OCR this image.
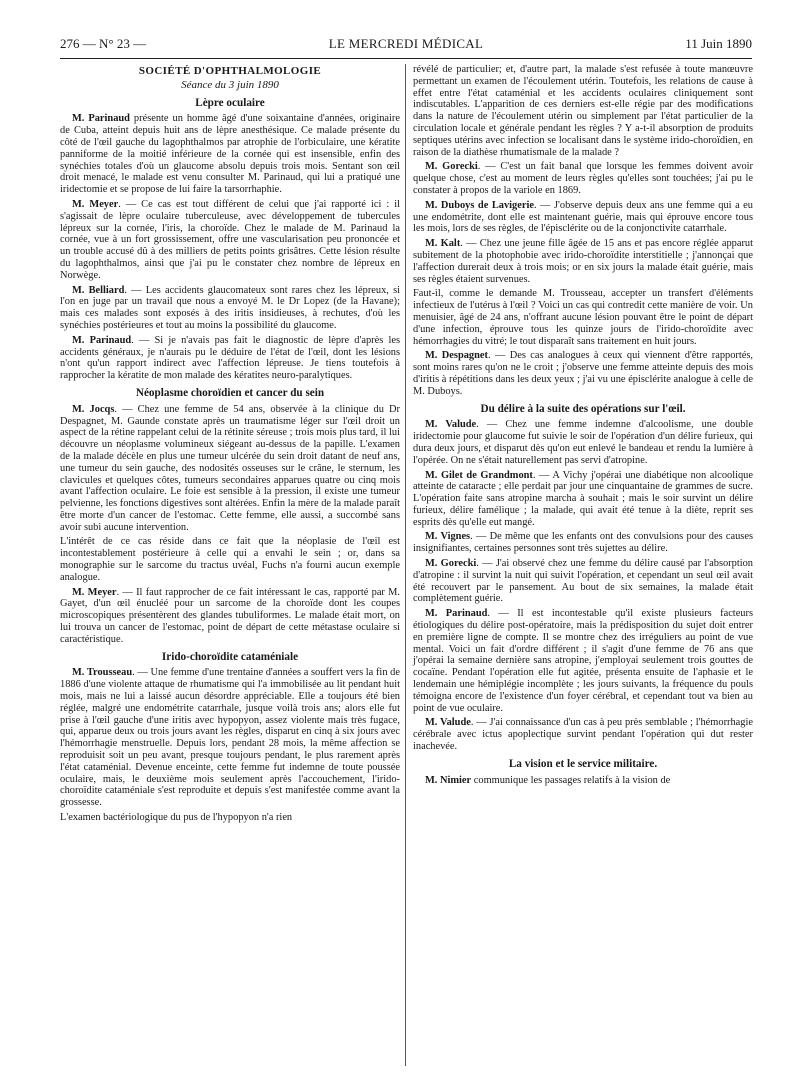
276 — N° 23 —	LE MERCREDI MÉDICAL	11 Juin 1890
SOCIÉTÉ D'OPHTHALMOLOGIE
Séance du 3 juin 1890
Lèpre oculaire

M. Parinaud présente un homme âgé d'une soixantaine d'années, originaire de Cuba, atteint depuis huit ans de lèpre anesthésique. Ce malade présente du côté de l'œil gauche du lagophthalmos par atrophie de l'orbiculaire, une kératite panniforme de la moitié inférieure de la cornée qui est insensible, enfin des synéchies totales d'où un glaucome absolu depuis trois mois. Sentant son œil droit menacé, le malade est venu consulter M. Parinaud, qui lui a pratiqué une iridectomie et se propose de lui faire la tarsorrhaphie.

M. Meyer. — Ce cas est tout différent de celui que j'ai rapporté ici : il s'agissait de lèpre oculaire tuberculeuse, avec développement de tubercules lépreux sur la cornée, l'iris, la choroïde. Chez le malade de M. Parinaud la cornée, vue à un fort grossissement, offre une vascularisation peu prononcée et un trouble accusé dû à des milliers de petits points grisâtres. Cette lésion résulte du lagophthalmos, ainsi que j'ai pu le constater chez nombre de lépreux en Norwège.

M. Belliard. — Les accidents glaucomateux sont rares chez les lépreux, si l'on en juge par un travail que nous a envoyé M. le Dr Lopez (de la Havane); mais ces malades sont exposés à des iritis insidieuses, à rechutes, d'où les synéchies postérieures et tout au moins la possibilité du glaucome.

M. Parinaud. — Si je n'avais pas fait le diagnostic de lèpre d'après les accidents généraux, je n'aurais pu le déduire de l'état de l'œil, dont les lésions n'ont qu'un rapport indirect avec l'affection lépreuse. Je tiens toutefois à rapprocher la kératite de mon malade des kératites neuro-paralytiques.

Néoplasme choroïdien et cancer du sein

M. Jocqs. — Chez une femme de 54 ans, observée à la clinique du Dr Despagnet, M. Gaunde constate après un traumatisme léger sur l'œil droit un aspect de la rétine rappelant celui de la rétinite séreuse ; trois mois plus tard, il lui découvre un néoplasme volumineux siégeant au-dessus de la papille. L'examen de la malade décèle en plus une tumeur ulcérée du sein droit datant de neuf ans, une tumeur du sein gauche, des nodosités osseuses sur le crâne, le sternum, les clavicules et quelques côtes, tumeurs secondaires apparues quatre ou cinq mois avant l'affection oculaire. Le foie est sensible à la pression, il existe une tumeur pelvienne, les fonctions digestives sont altérées. Enfin la mère de la malade paraît être morte d'un cancer de l'estomac. Cette femme, elle aussi, a succombé sans avoir subi aucune intervention.

L'intérêt de ce cas réside dans ce fait que la néoplasie de l'œil est incontestablement postérieure à celle qui a envahi le sein ; or, dans sa monographie sur le sarcome du tractus uvéal, Fuchs n'a fourni aucun exemple analogue.

M. Meyer. — Il faut rapprocher de ce fait intéressant le cas, rapporté par M. Gayet, d'un œil énucléé pour un sarcome de la choroïde dont les coupes microscopiques présentèrent des glandes tubuliformes. Le malade était mort, on lui trouva un cancer de l'estomac, point de départ de cette métastase oculaire si caractéristique.

Irido-choroïdite cataméniale

M. Trousseau. — Une femme d'une trentaine d'années a souffert vers la fin de 1886 d'une violente attaque de rhumatisme qui l'a immobilisée au lit pendant huit mois, mais ne lui a laissé aucun désordre appréciable. Elle a toujours été bien réglée, malgré une endométrite catarrhale, jusque voilà trois ans; alors elle fut prise à l'œil gauche d'une iritis avec hypopyon, assez violente mais très fugace, qui, apparue deux ou trois jours avant les règles, disparut en cinq à six jours avec l'hémorrhagie menstruelle. Depuis lors, pendant 28 mois, la même affection se reproduisit soit un peu avant, presque toujours pendant, le plus rarement après l'état cataménial. Devenue enceinte, cette femme fut indemne de toute poussée oculaire, mais, le deuxième mois seulement après l'accouchement, l'irido-choroïdite cataméniale s'est reproduite et depuis s'est manifestée comme avant la grossesse.

L'examen bactériologique du pus de l'hypopyon n'a rien

révélé de particulier; et, d'autre part, la malade s'est refusée à toute manœuvre permettant un examen de l'écoulement utérin. Toutefois, les relations de cause à effet entre l'état cataménial et les accidents oculaires cliniquement sont indiscutables. L'apparition de ces derniers est-elle régie par des modifications dans la nature de l'écoulement utérin ou simplement par l'état particulier de la circulation locale et générale pendant les règles ? Y a-t-il absorption de produits septiques utérins avec infection se localisant dans le système irido-choroïdien, en raison de la diathèse rhumatismale de la malade ?

M. Gorecki. — C'est un fait banal que lorsque les femmes doivent avoir quelque chose, c'est au moment de leurs règles qu'elles sont touchées; j'ai pu le constater à propos de la variole en 1869.

M. Duboys de Lavigerie. — J'observe depuis deux ans une femme qui a eu une endométrite, dont elle est maintenant guérie, mais qui éprouve encore tous les mois, lors de ses règles, de l'épisclérite ou de la conjonctivite catarrhale.

M. Kalt. — Chez une jeune fille âgée de 15 ans et pas encore réglée apparut subitement de la photophobie avec irido-choroïdite interstitielle ; j'annonçai que l'affection durerait deux à trois mois; or en six jours la malade était guérie, mais ses règles étaient survenues.

Faut-il, comme le demande M. Trousseau, accepter un transfert d'éléments infectieux de l'utérus à l'œil ? Voici un cas qui contredit cette manière de voir. Un menuisier, âgé de 24 ans, n'offrant aucune lésion pouvant être le point de départ d'une infection, éprouve tous les quinze jours de l'irido-choroïdite avec hémorrhagies du vitré; le tout disparaît sans traitement en huit jours.

M. Despagnet. — Des cas analogues à ceux qui viennent d'être rapportés, sont moins rares qu'on ne le croit ; j'observe une femme atteinte depuis des mois d'iritis à répétitions dans les deux yeux ; j'ai vu une épisclérite analogue à celle de M. Duboys.

Du délire à la suite des opérations sur l'œil.

M. Valude. — Chez une femme indemne d'alcoolisme, une double iridectomie pour glaucome fut suivie le soir de l'opération d'un délire furieux, qui dura deux jours, et disparut dès qu'on eut enlevé le bandeau et rendu la lumière à l'opérée. On ne s'était naturellement pas servi d'atropine.

M. Gilet de Grandmont. — A Vichy j'opérai une diabétique non alcoolique atteinte de cataracte ; elle perdait par jour une cinquantaine de grammes de sucre. L'opération faite sans atropine marcha à souhait ; mais le soir survint un délire furieux, délire famélique ; la malade, qui avait été tenue à la diète, reprit ses esprits dès qu'elle eut mangé.

M. Vignes. — De même que les enfants ont des convulsions pour des causes insignifiantes, certaines personnes sont très sujettes au délire.

M. Gorecki. — J'ai observé chez une femme du délire causé par l'absorption d'atropine : il survint la nuit qui suivit l'opération, et cependant un seul œil avait été recouvert par le pansement. Au bout de six semaines, la malade était complètement guérie.

M. Parinaud. — Il est incontestable qu'il existe plusieurs facteurs étiologiques du délire post-opératoire, mais la prédisposition du sujet doit entrer en première ligne de compte. Il se montre chez des irréguliers au point de vue mental. Voici un fait d'ordre différent ; il s'agit d'une femme de 76 ans que j'opérai la semaine dernière sans atropine, j'employai seulement trois gouttes de cocaïne. Pendant l'opération elle fut agitée, présenta ensuite de l'aphasie et le lendemain une hémiplégie incomplète ; les jours suivants, la fréquence du pouls témoigna encore de l'existence d'un foyer cérébral, et cependant tout va bien au point de vue oculaire.

M. Valude. — J'ai connaissance d'un cas à peu près semblable ; l'hémorrhagie cérébrale avec ictus apoplectique survint pendant l'opération qui dut rester inachevée.

La vision et le service militaire.

M. Nimier communique les passages relatifs à la vision de
